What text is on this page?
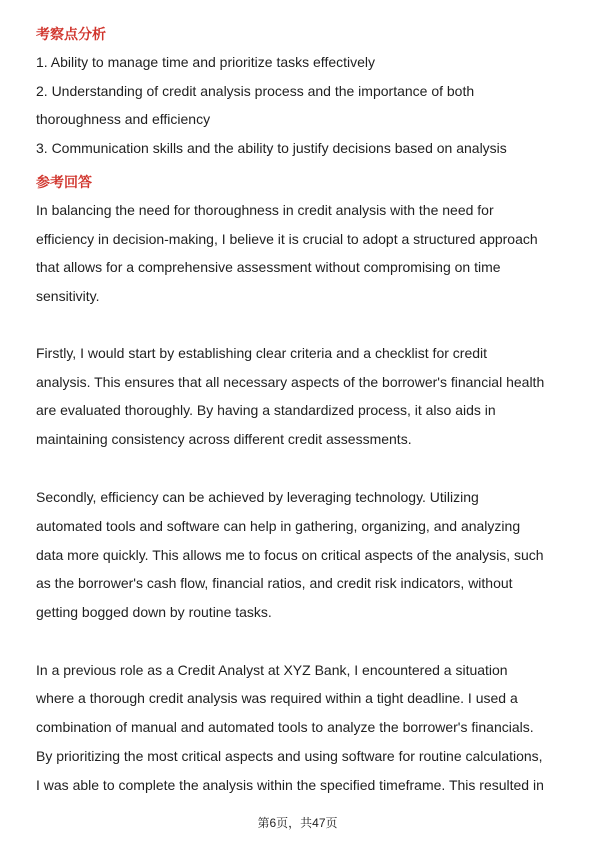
考察点分析
1. Ability to manage time and prioritize tasks effectively
2. Understanding of credit analysis process and the importance of both
thoroughness and efficiency
3. Communication skills and the ability to justify decisions based on analysis
参考回答
In balancing the need for thoroughness in credit analysis with the need for
efficiency in decision-making, I believe it is crucial to adopt a structured approach
that allows for a comprehensive assessment without compromising on time
sensitivity.
Firstly, I would start by establishing clear criteria and a checklist for credit
analysis. This ensures that all necessary aspects of the borrower's financial health
are evaluated thoroughly. By having a standardized process, it also aids in
maintaining consistency across different credit assessments.
Secondly, efficiency can be achieved by leveraging technology. Utilizing
automated tools and software can help in gathering, organizing, and analyzing
data more quickly. This allows me to focus on critical aspects of the analysis, such
as the borrower's cash flow, financial ratios, and credit risk indicators, without
getting bogged down by routine tasks.
In a previous role as a Credit Analyst at XYZ Bank, I encountered a situation
where a thorough credit analysis was required within a tight deadline. I used a
combination of manual and automated tools to analyze the borrower's financials.
By prioritizing the most critical aspects and using software for routine calculations,
I was able to complete the analysis within the specified timeframe. This resulted in
第6页，共47页
